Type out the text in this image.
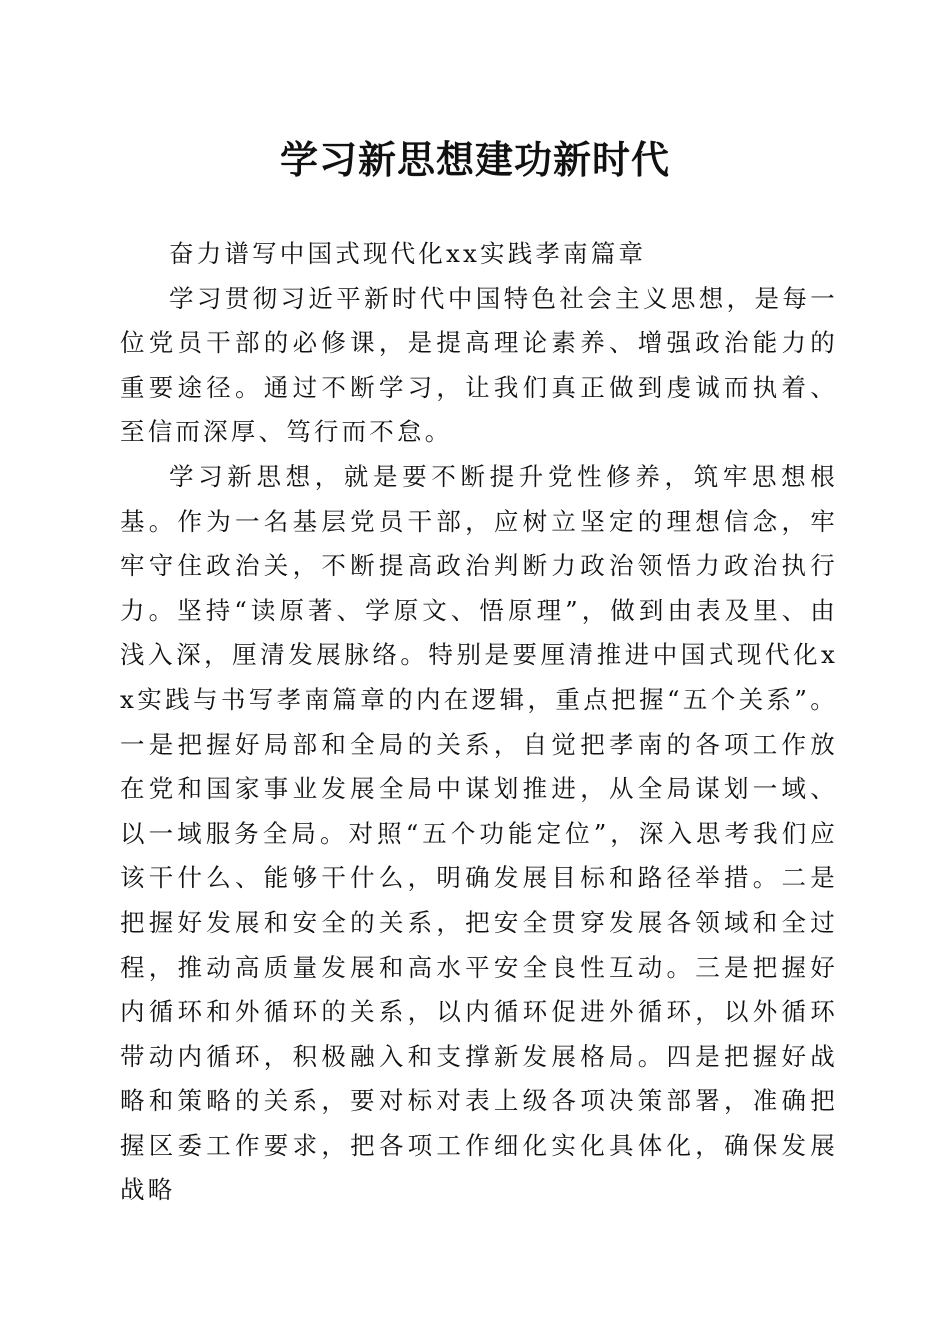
学习新思想建功新时代

奋力谱写中国式现代化xx实践孝南篇章

学习贯彻习近平新时代中国特色社会主义思想，是每一位党员干部的必修课，是提高理论素养、增强政治能力的重要途径。通过不断学习，让我们真正做到虔诚而执着、至信而深厚、笃行而不怠。

学习新思想，就是要不断提升党性修养，筑牢思想根基。作为一名基层党员干部，应树立坚定的理想信念，牢牢守住政治关，不断提高政治判断力政治领悟力政治执行力。坚持“读原著、学原文、悟原理”，做到由表及里、由浅入深，厘清发展脉络。特别是要厘清推进中国式现代化xx实践与书写孝南篇章的内在逻辑，重点把握“五个关系”。一是把握好局部和全局的关系，自觉把孝南的各项工作放在党和国家事业发展全局中谋划推进，从全局谋划一域、以一域服务全局。对照“五个功能定位”，深入思考我们应该干什么、能够干什么，明确发展目标和路径举措。二是把握好发展和安全的关系，把安全贯穿发展各领域和全过程，推动高质量发展和高水平安全良性互动。三是把握好内循环和外循环的关系，以内循环促进外循环，以外循环带动内循环，积极融入和支撑新发展格局。四是把握好战略和策略的关系，要对标对表上级各项决策部署，准确把握区委工作要求，把各项工作细化实化具体化，确保发展战略
